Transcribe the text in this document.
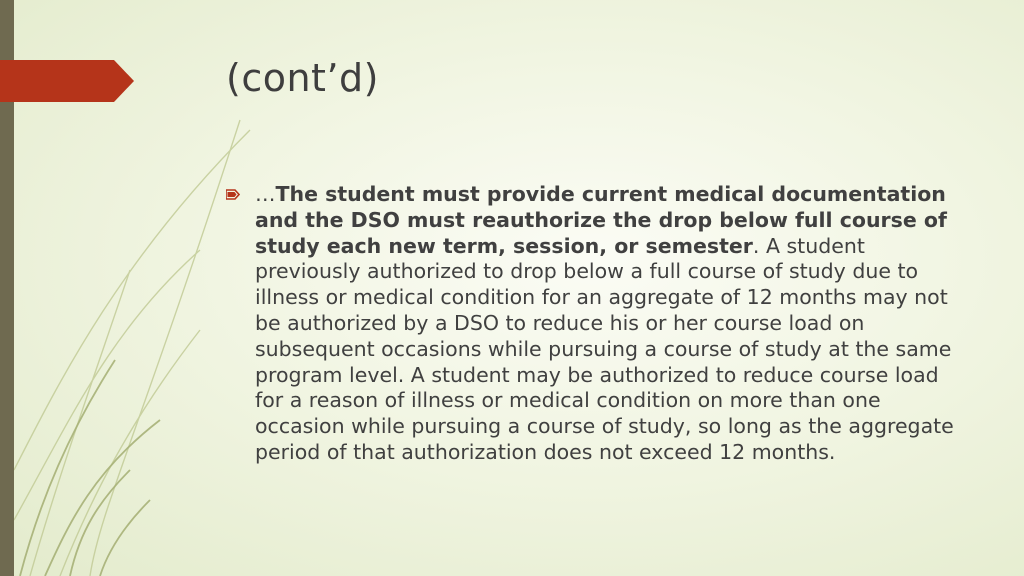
(cont’d)
…The student must provide current medical documentation and the DSO must reauthorize the drop below full course of study each new term, session, or semester. A student previously authorized to drop below a full course of study due to illness or medical condition for an aggregate of 12 months may not be authorized by a DSO to reduce his or her course load on subsequent occasions while pursuing a course of study at the same program level. A student may be authorized to reduce course load for a reason of illness or medical condition on more than one occasion while pursuing a course of study, so long as the aggregate period of that authorization does not exceed 12 months.
